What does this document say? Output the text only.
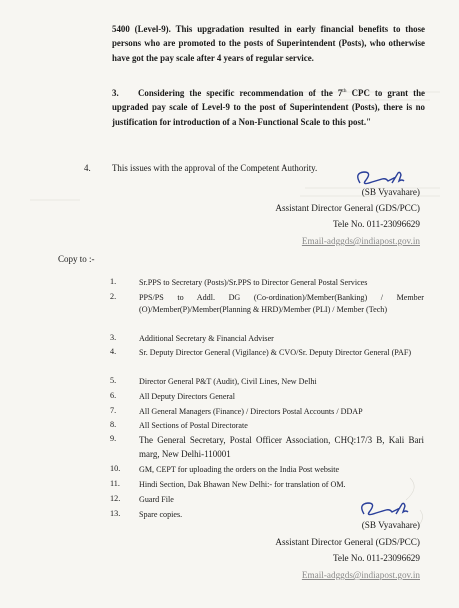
5400 (Level-9). This upgradation resulted in early financial benefits to those persons who are promoted to the posts of Superintendent (Posts), who otherwise have got the pay scale after 4 years of regular service.
3. Considering the specific recommendation of the 7th CPC to grant the upgraded pay scale of Level-9 to the post of Superintendent (Posts), there is no justification for introduction of a Non-Functional Scale to this post."
4. This issues with the approval of the Competent Authority.
(SB Vyavahare)
Assistant Director General (GDS/PCC)
Tele No. 011-23096629
Email-adggds@indiapost.gov.in
Copy to :-
1.	Sr.PPS to Secretary (Posts)/Sr.PPS to Director General Postal Services
2.	PPS/PS to Addl. DG (Co-ordination)/Member(Banking) / Member (O)/Member(P)/Member(Planning & HRD)/Member (PLI) / Member (Tech)
3.	Additional Secretary & Financial Adviser
4.	Sr. Deputy Director General (Vigilance) & CVO/Sr. Deputy Director General (PAF)
5.	Director General P&T (Audit), Civil Lines, New Delhi
6.	All Deputy Directors General
7.	All General Managers (Finance) / Directors Postal Accounts / DDAP
8.	All Sections of Postal Directorate
9.	The General Secretary, Postal Officer Association, CHQ:17/3 B, Kali Bari marg, New Delhi-110001
10.	GM, CEPT for uploading the orders on the India Post website
11.	Hindi Section, Dak Bhawan New Delhi:- for translation of OM.
12.	Guard File
13.	Spare copies.
(SB Vyavahare)
Assistant Director General (GDS/PCC)
Tele No. 011-23096629
Email-adggds@indiapost.gov.in
